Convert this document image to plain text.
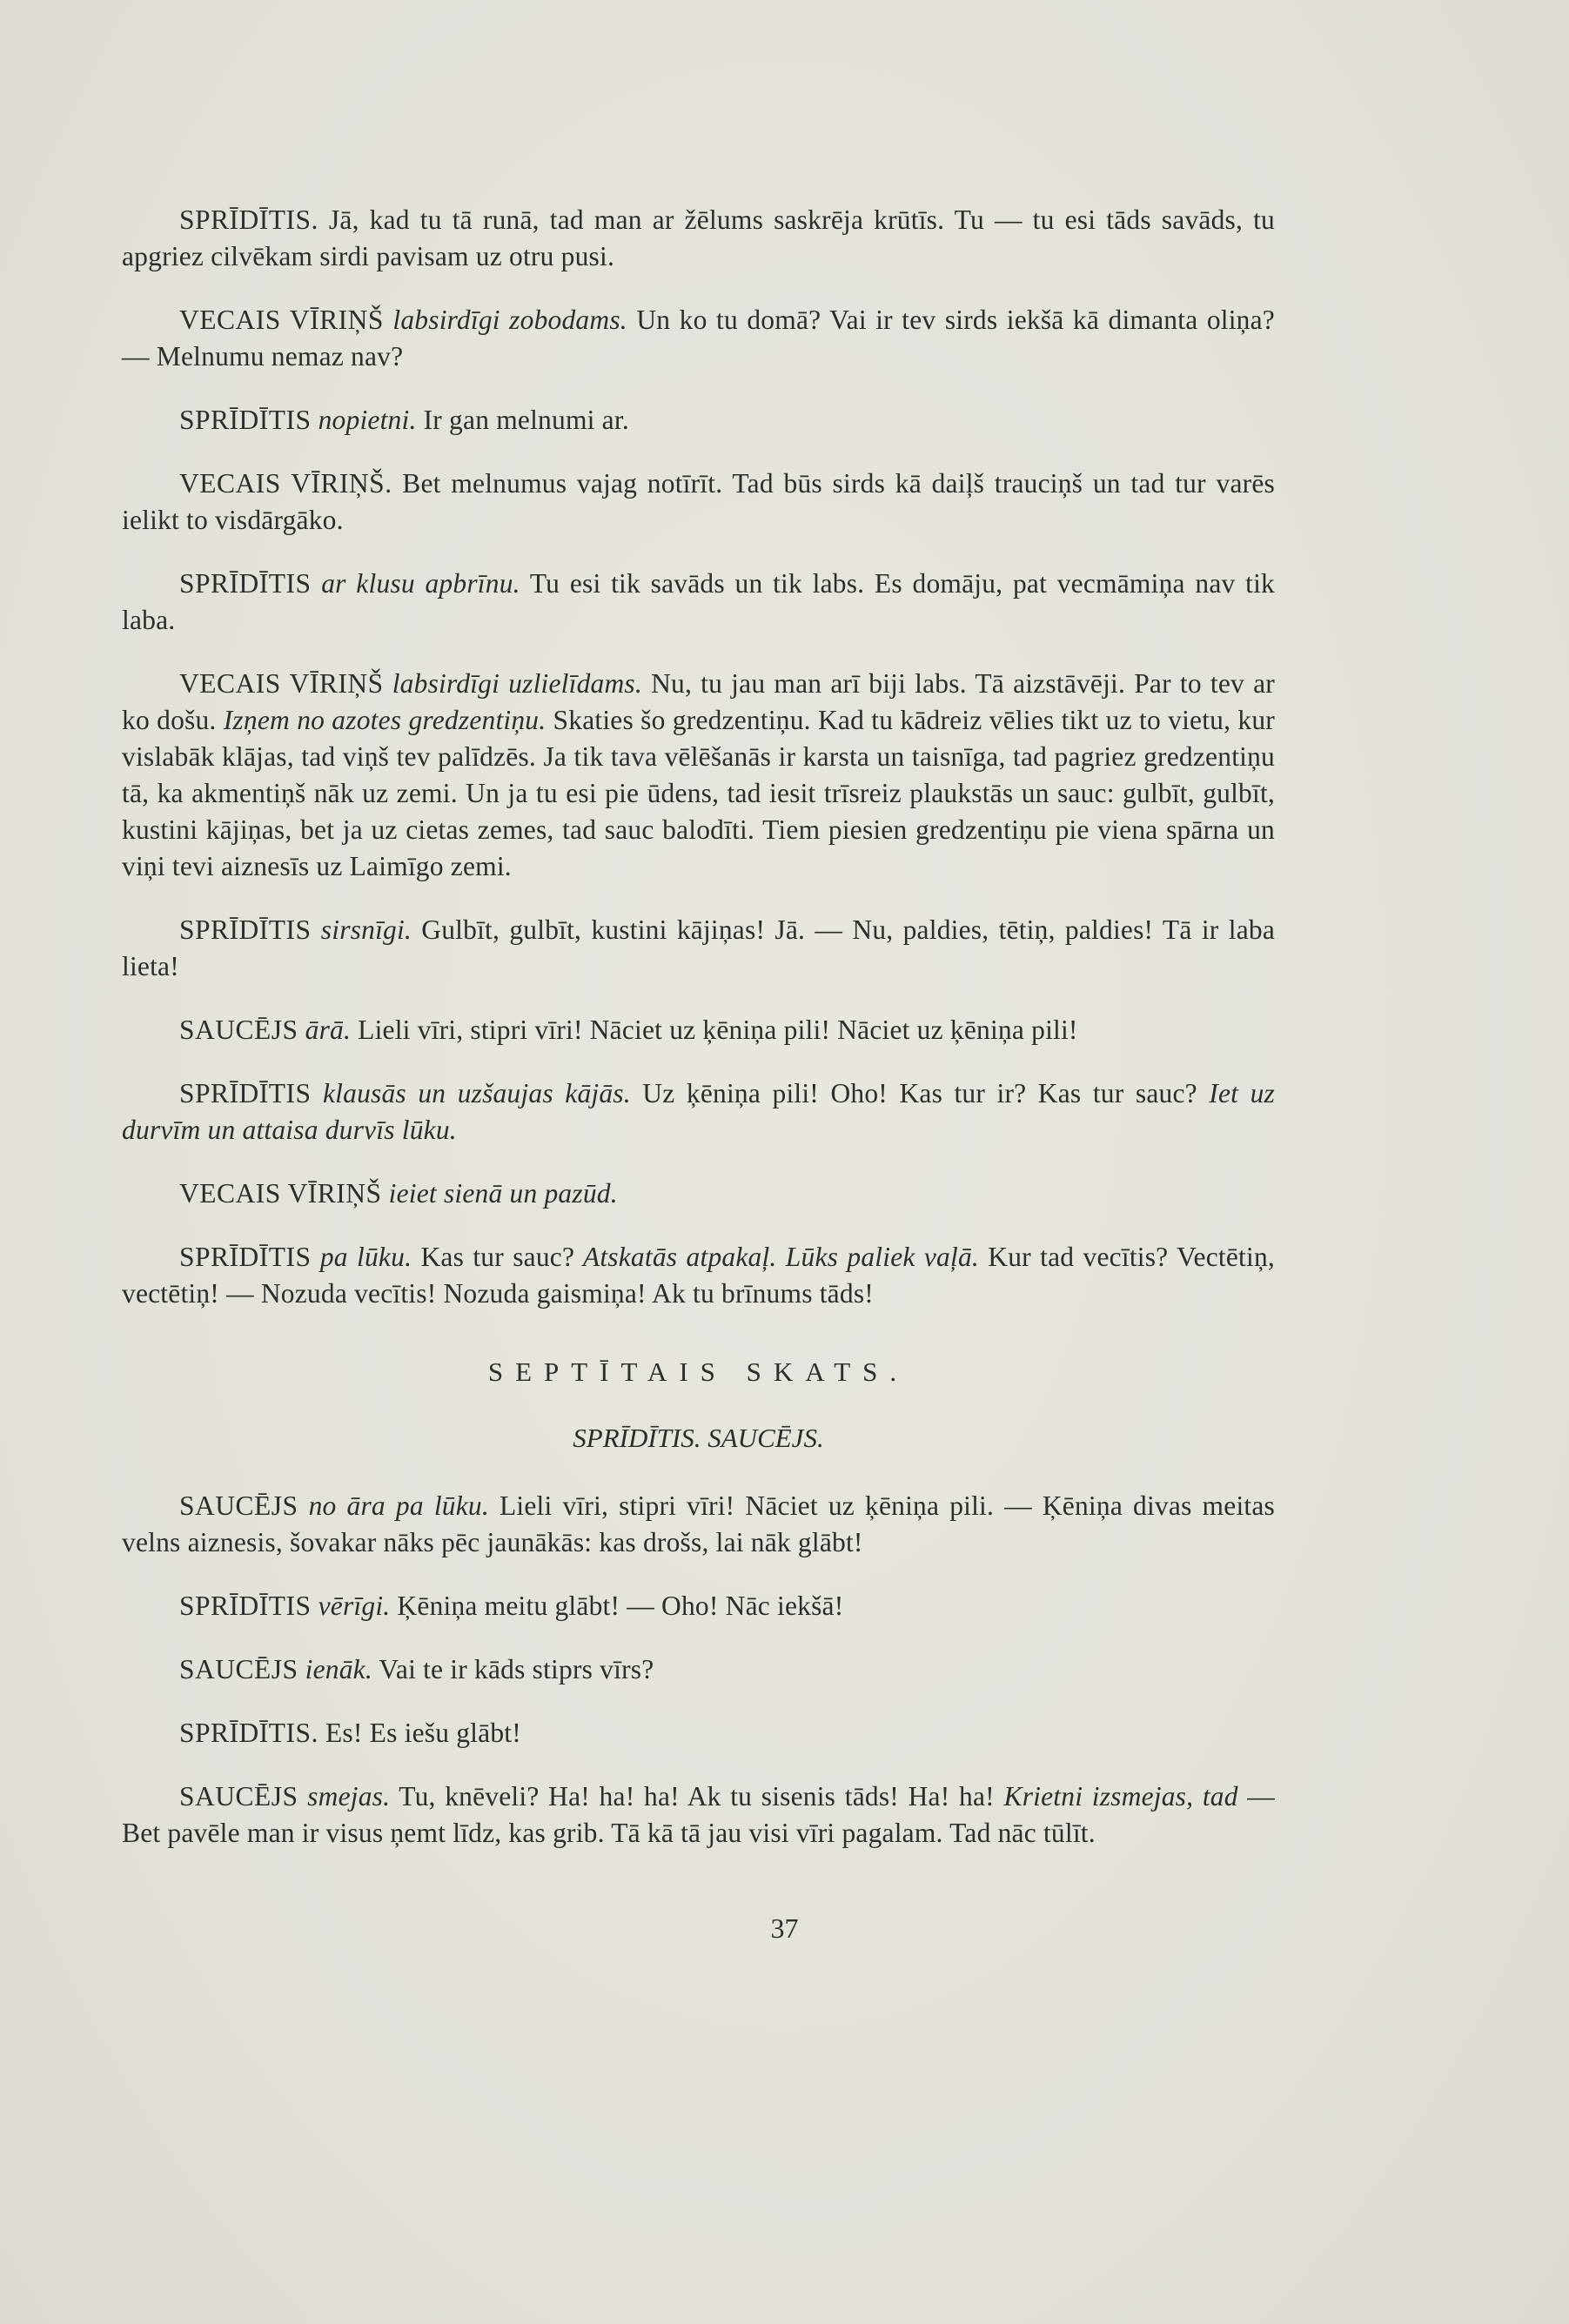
SPRĪDĪTIS. Jā, kad tu tā runā, tad man ar žēlums saskrēja krūtīs. Tu — tu esi tāds savāds, tu apgriez cilvēkam sirdi pavisam uz otru pusi.

VECAIS VĪRIŅŠ labsirdīgi zobodams. Un ko tu domā? Vai ir tev sirds iekšā kā dimanta oliņa? — Melnumu nemaz nav?

SPRĪDĪTIS nopietni. Ir gan melnumi ar.

VECAIS VĪRIŅŠ. Bet melnumus vajag notīrīt. Tad būs sirds kā daiļš trauciņš un tad tur varēs ielikt to visdārgāko.

SPRĪDĪTIS ar klusu apbrīnu. Tu esi tik savāds un tik labs. Es domāju, pat vecmāmiņa nav tik laba.

VECAIS VĪRIŅŠ labsirdīgi uzlielīdams. Nu, tu jau man arī biji labs. Tā aizstāvēji. Par to tev ar ko došu. Izņem no azotes gredzentiņu. Skaties šo gredzentiņu. Kad tu kādreiz vēlies tikt uz to vietu, kur vislabāk klājas, tad viņš tev palīdzēs. Ja tik tava vēlēšanās ir karsta un taisnīga, tad pagriez gredzentiņu tā, ka akmentiņš nāk uz zemi. Un ja tu esi pie ūdens, tad iesit trīsreiz plaukstās un sauc: gulbīt, gulbīt, kustini kājiņas, bet ja uz cietas zemes, tad sauc balodīti. Tiem piesien gredzentiņu pie viena spārna un viņi tevi aiznesīs uz Laimīgo zemi.

SPRĪDĪTIS sirsnīgi. Gulbīt, gulbīt, kustini kājiņas! Jā. — Nu, paldies, tētiņ, paldies! Tā ir laba lieta!

SAUCĒJS ārā. Lieli vīri, stipri vīri! Nāciet uz ķēniņa pili! Nāciet uz ķēniņa pili!

SPRĪDĪTIS klausās un uzšaujas kājās. Uz ķēniņa pili! Oho! Kas tur ir? Kas tur sauc? Iet uz durvīm un attaisa durvīs lūku.

VECAIS VĪRIŅŠ ieiet sienā un pazūd.

SPRĪDĪTIS pa lūku. Kas tur sauc? Atskatās atpakaļ. Lūks paliek vaļā. Kur tad vecītis? Vectētiņ, vectētiņ! — Nozuda vecītis! Nozuda gaismiņa! Ak tu brīnums tāds!

SEPTĪTAIS SKATS.
SPRĪDĪTIS. SAUCĒJS.

SAUCĒJS no āra pa lūku. Lieli vīri, stipri vīri! Nāciet uz ķēniņa pili. — Ķēniņa divas meitas velns aiznesis, šovakar nāks pēc jaunākās: kas drošs, lai nāk glābt!

SPRĪDĪTIS vērīgi. Ķēniņa meitu glābt! — Oho! Nāc iekšā!

SAUCĒJS ienāk. Vai te ir kāds stiprs vīrs?

SPRĪDĪTIS. Es! Es iešu glābt!

SAUCĒJS smejas. Tu, knēveli? Ha! ha! ha! Ak tu sisenis tāds! Ha! ha! Krietni izsmejas, tad — Bet pavēle man ir visus ņemt līdz, kas grib. Tā kā tā jau visi vīri pagalam. Tad nāc tūlīt.

37
